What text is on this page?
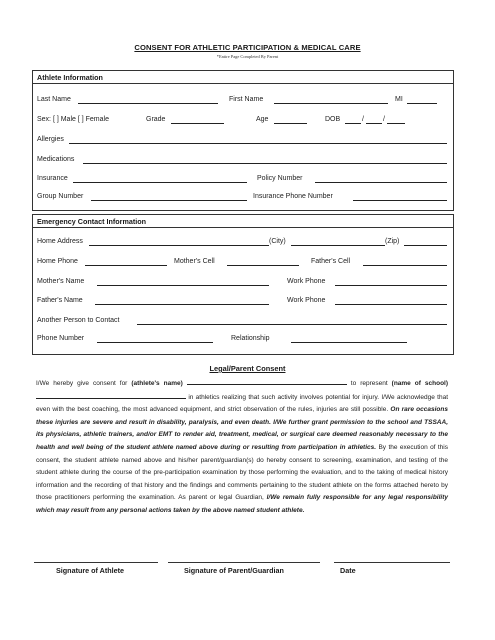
CONSENT FOR ATHLETIC PARTICIPATION & MEDICAL CARE
*Entire Page Completed By Parent
Athlete Information
Last Name	First Name	MI
Sex: [ ] Male [ ] Female	Grade	Age	DOB	/	/
Allergies
Medications
Insurance	Policy Number
Group Number	Insurance Phone Number
Emergency Contact Information
Home Address	(City)	(Zip)
Home Phone	Mother's Cell	Father's Cell
Mother's Name	Work Phone
Father's Name	Work Phone
Another Person to Contact
Phone Number	Relationship
Legal/Parent Consent
I/We hereby give consent for (athlete's name)	to represent (name of school)  in athletics realizing that such activity involves potential for injury. I/We acknowledge that even with the best coaching, the most advanced equipment, and strict observation of the rules, injuries are still possible. On rare occasions these injuries are severe and result in disability, paralysis, and even death. I/We further grant permission to the school and TSSAA, its physicians, athletic trainers, and/or EMT to render aid, treatment, medical, or surgical care deemed reasonably necessary to the health and well being of the student athlete named above during or resulting from participation in athletics. By the execution of this consent, the student athlete named above and his/her parent/guardian(s) do hereby consent to screening, examination, and testing of the student athlete during the course of the pre-participation examination by those performing the evaluation, and to the taking of medical history information and the recording of that history and the findings and comments pertaining to the student athlete on the forms attached hereto by those practitioners performing the examination. As parent or legal Guardian, I/We remain fully responsible for any legal responsibility which may result from any personal actions taken by the above named student athlete.
Signature of Athlete	Signature of Parent/Guardian	Date
